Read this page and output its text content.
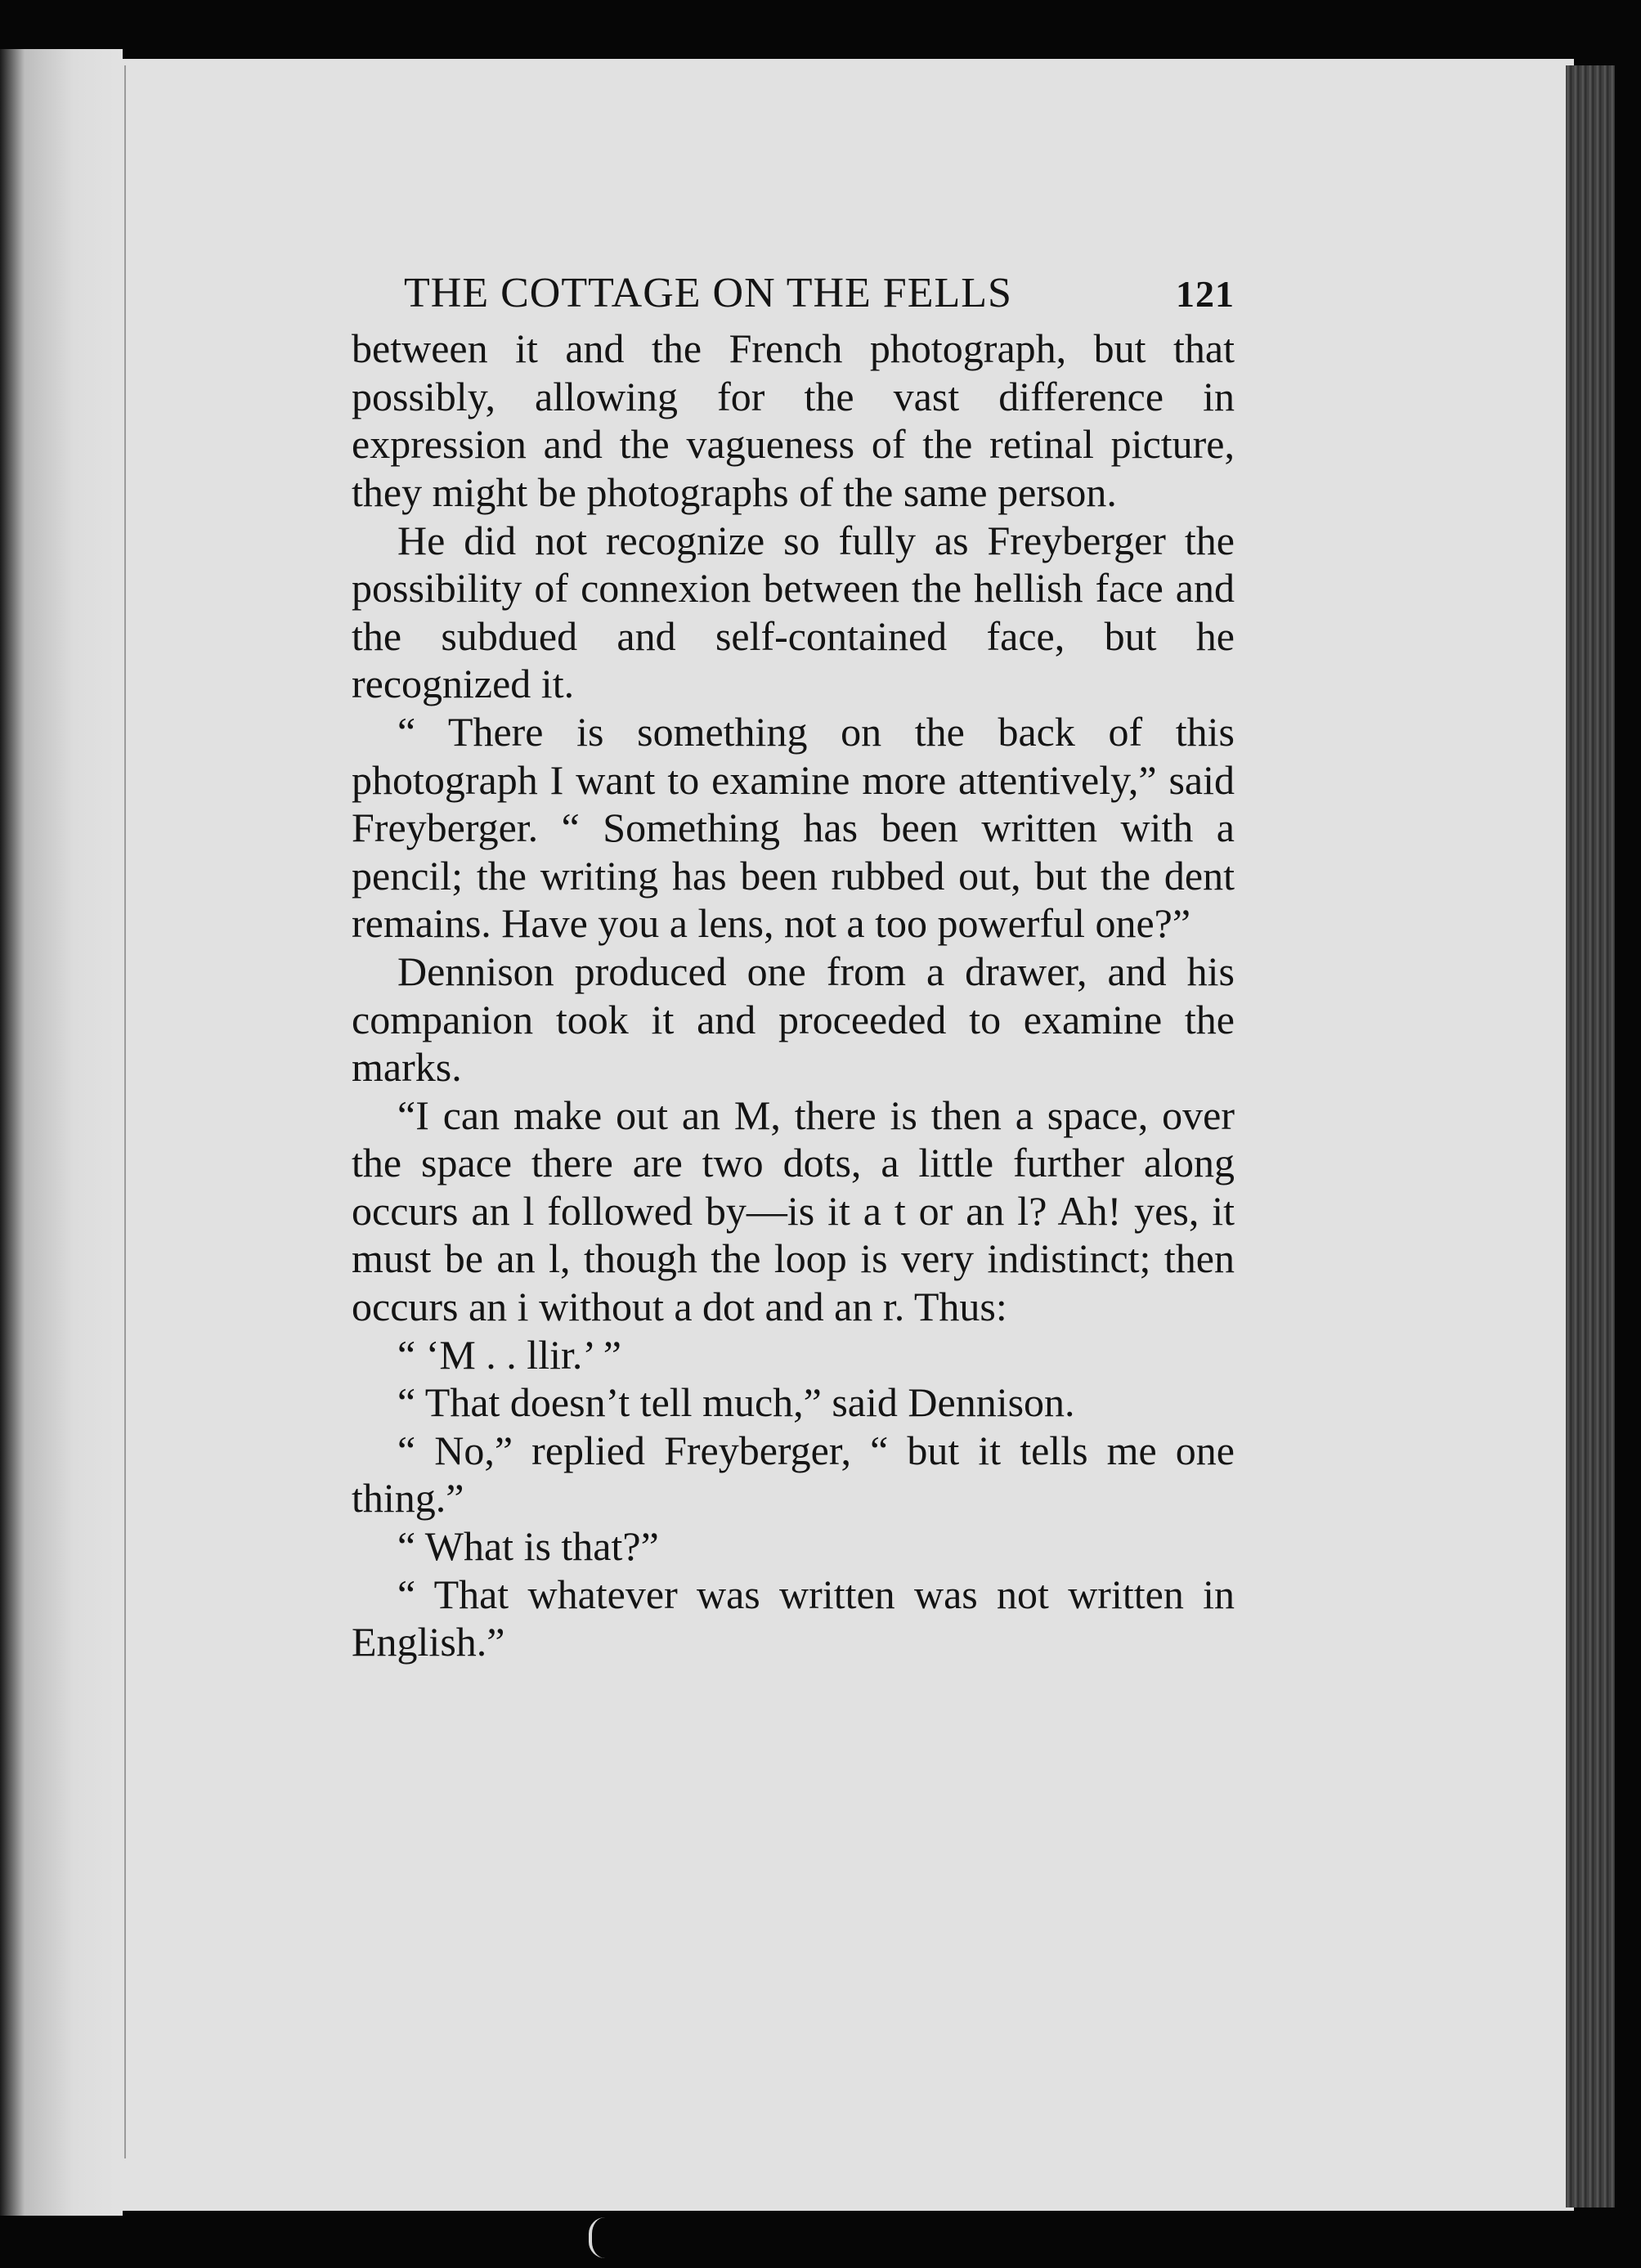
THE COTTAGE ON THE FELLS	121

between it and the French photograph, but that possibly, allowing for the vast difference in expression and the vagueness of the retinal picture, they might be photographs of the same person.

He did not recognize so fully as Freyberger the possibility of connexion between the hellish face and the subdued and self-contained face, but he recognized it.

“ There is something on the back of this photograph I want to examine more attentively,” said Freyberger. “ Something has been written with a pencil; the writing has been rubbed out, but the dent remains. Have you a lens, not a too powerful one?”

Dennison produced one from a drawer, and his companion took it and proceeded to examine the marks.

“I can make out an M, there is then a space, over the space there are two dots, a little further along occurs an l followed by—is it a t or an l? Ah! yes, it must be an l, though the loop is very indistinct; then occurs an i without a dot and an r. Thus:

“ ‘M . . llir.’ ”

“ That doesn’t tell much,” said Dennison.

“ No,” replied Freyberger, “ but it tells me one thing.”

“ What is that?”

“ That whatever was written was not written in English.”
